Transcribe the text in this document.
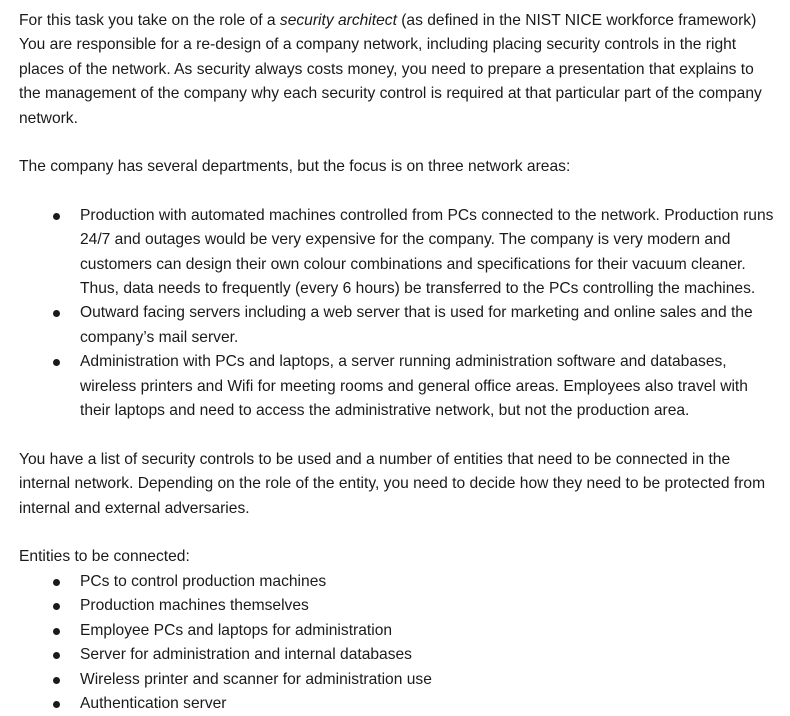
For this task you take on the role of a security architect (as defined in the NIST NICE workforce framework) You are responsible for a re-design of a company network, including placing security controls in the right places of the network. As security always costs money, you need to prepare a presentation that explains to the management of the company why each security control is required at that particular part of the company network.

The company has several departments, but the focus is on three network areas:

Production with automated machines controlled from PCs connected to the network. Production runs 24/7 and outages would be very expensive for the company. The company is very modern and customers can design their own colour combinations and specifications for their vacuum cleaner. Thus, data needs to frequently (every 6 hours) be transferred to the PCs controlling the machines.
Outward facing servers including a web server that is used for marketing and online sales and the company’s mail server.
Administration with PCs and laptops, a server running administration software and databases, wireless printers and Wifi for meeting rooms and general office areas. Employees also travel with their laptops and need to access the administrative network, but not the production area.

You have a list of security controls to be used and a number of entities that need to be connected in the internal network. Depending on the role of the entity, you need to decide how they need to be protected from internal and external adversaries.

Entities to be connected:

PCs to control production machines
Production machines themselves
Employee PCs and laptops for administration
Server for administration and internal databases
Wireless printer and scanner for administration use
Authentication server
